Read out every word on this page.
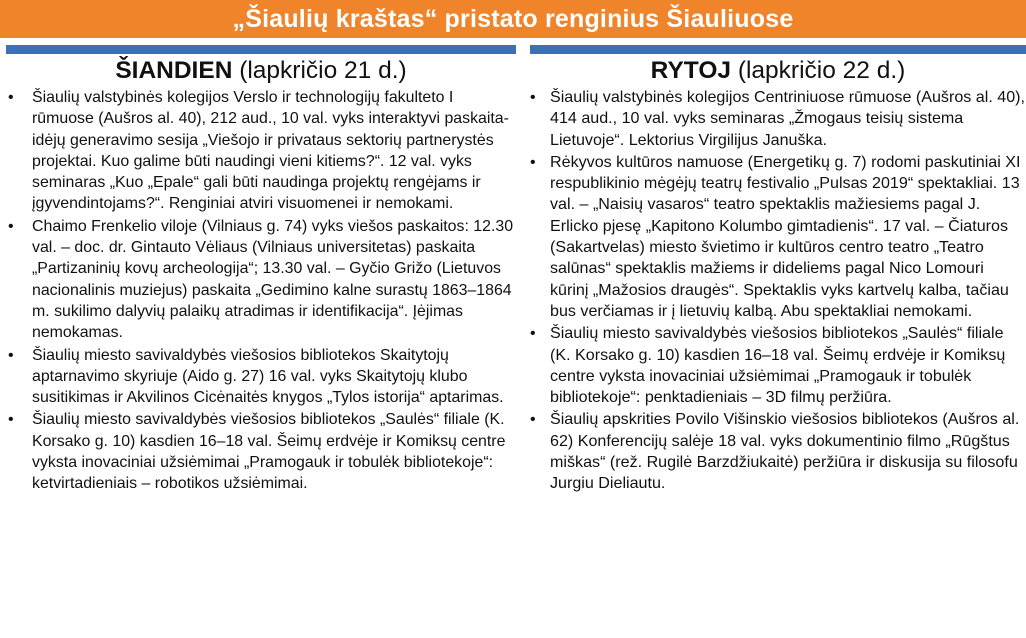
„Šiaulių kraštas“ pristato renginius Šiauliuose
ŠIANDIEN (lapkričio 21 d.)
• Šiaulių valstybinės kolegijos Verslo ir technologijų fakulteto I rūmuose (Aušros al. 40), 212 aud., 10 val. vyks interaktyvi paskaita-idėjų generavimo sesija „Viešojo ir privataus sektorių partnerystės projektai. Kuo galime būti naudingi vieni kitiems?“. 12 val. vyks seminaras „Kuo „Epale“ gali būti naudinga projektų rengėjams ir įgyvendintojams?“. Renginiai atviri visuomenei ir nemokami.
• Chaimo Frenkelio viloje (Vilniaus g. 74) vyks viešos paskaitos: 12.30 val. – doc. dr. Gintauto Vėliaus (Vilniaus universitetas) paskaita „Partizaninių kovų archeologija“; 13.30 val. – Gyčio Grižo (Lietuvos nacionalinis muziejus) paskaita „Gedimino kalne surastų 1863–1864 m. sukilimo dalyvių palaikų atradimas ir identifikacija“. Įėjimas nemokamas.
• Šiaulių miesto savivaldybės viešosios bibliotekos Skaitytojų aptarnavimo skyriuje (Aido g. 27) 16 val. vyks Skaitytojų klubo susitikimas ir Akvilinos Cicėnaitės knygos „Tylos istorija“ aptarimas.
• Šiaulių miesto savivaldybės viešosios bibliotekos „Saulės“ filiale (K. Korsako g. 10) kasdien 16–18 val. Šeimų erdvėje ir Komiksų centre vyksta inovaciniai užsiėmimai „Pramogauk ir tobulėk bibliotekoje“: ketvirtadieniais – robotikos užsiėmimai.
RYTOJ (lapkričio 22 d.)
• Šiaulių valstybinės kolegijos Centriniuose rūmuose (Aušros al. 40), 414 aud., 10 val. vyks seminaras „Žmogaus teisių sistema Lietuvoje“. Lektorius Virgilijus Januška.
• Rėkyvos kultūros namuose (Energetikų g. 7) rodomi paskutiniai XI respublikinio mėgėjų teatrų festivalio „Pulsas 2019“ spektakliai. 13 val. – „Naisių vasaros“ teatro spektaklis mažiesiems pagal J. Erlicko pjesę „Kapitono Kolumbo gimtadienis“. 17 val. – Čiaturos (Sakartvelas) miesto švietimo ir kultūros centro teatro „Teatro salūnas“ spektaklis mažiems ir dideliems pagal Nico Lomouri kūrinį „Mažosios draugės“. Spektaklis vyks kartvelų kalba, tačiau bus verčiamas ir į lietuvių kalbą. Abu spektakliai nemokami.
• Šiaulių miesto savivaldybės viešosios bibliotekos „Saulės“ filiale (K. Korsako g. 10) kasdien 16–18 val. Šeimų erdvėje ir Komiksų centre vyksta inovaciniai užsiėmimai „Pramogauk ir tobulėk bibliotekoje“: penktadieniais – 3D filmų peržiūra.
• Šiaulių apskrities Povilo Višinskio viešosios bibliotekos (Aušros al. 62) Konferencijų salėje 18 val. vyks dokumentinio filmo „Rūgštus miškas“ (rež. Rugilė Barzdžiukaitė) peržiūra ir diskusija su filosofu Jurgiu Dieliautu.
